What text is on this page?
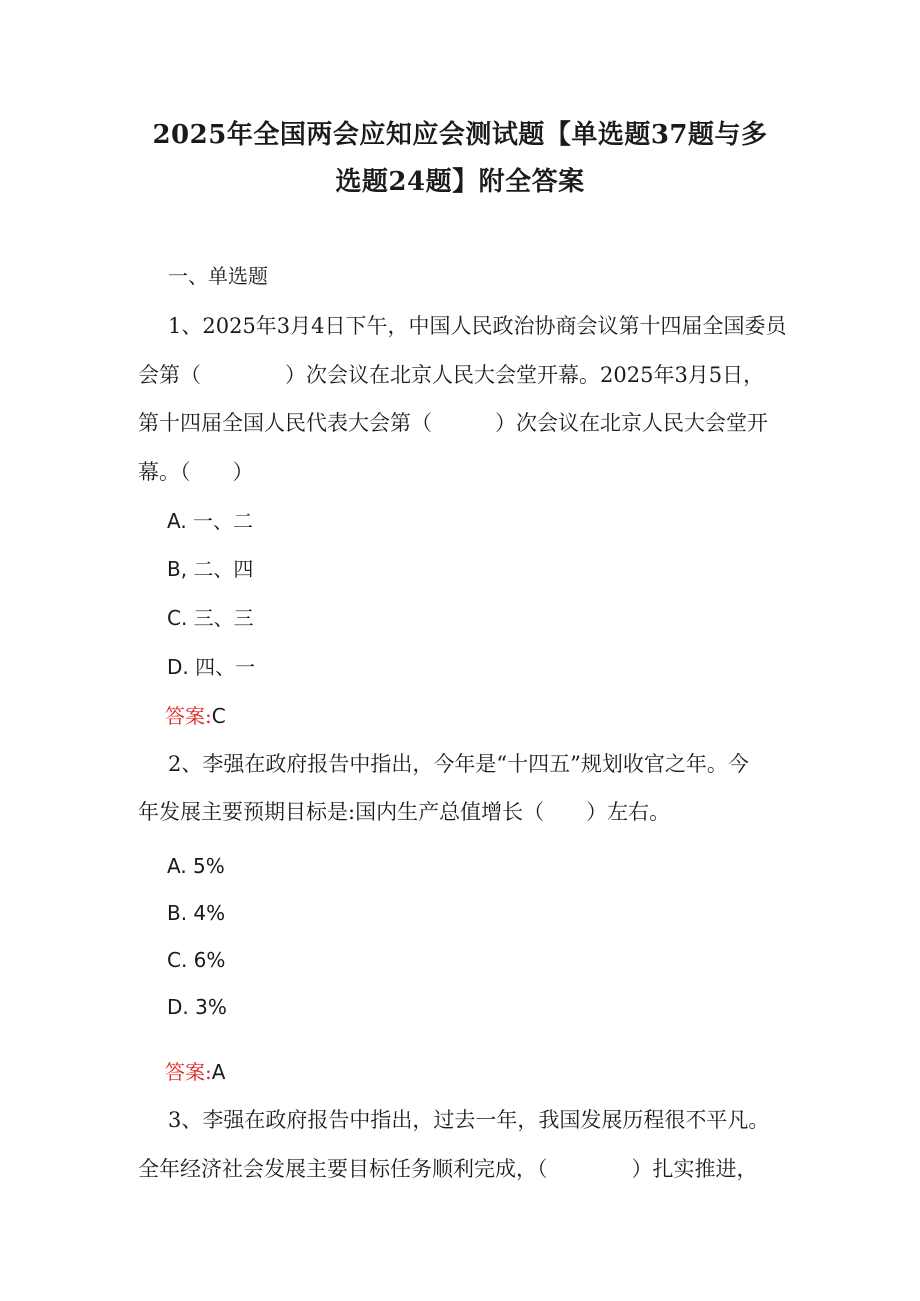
2025年全国两会应知应会测试题【单选题37题与多
选题24题】附全答案
一、单选题
1、2025年3月4日下午，中国人民政治协商会议第十四届全国委员
会第（　　　　）次会议在北京人民大会堂开幕。2025年3月5日，
第十四届全国人民代表大会第（　　　）次会议在北京人民大会堂开
幕。（　　）
A. 一、二
B, 二、四
C. 三、三
D. 四、一
答案:C
2、李强在政府报告中指出，今年是“十四五”规划收官之年。今
年发展主要预期目标是:国内生产总值增长（　　）左右。
A. 5%
B. 4%
C. 6%
D. 3%
答案:A
3、李强在政府报告中指出，过去一年，我国发展历程很不平凡。
全年经济社会发展主要目标任务顺利完成，（　　　　）扎实推进，
